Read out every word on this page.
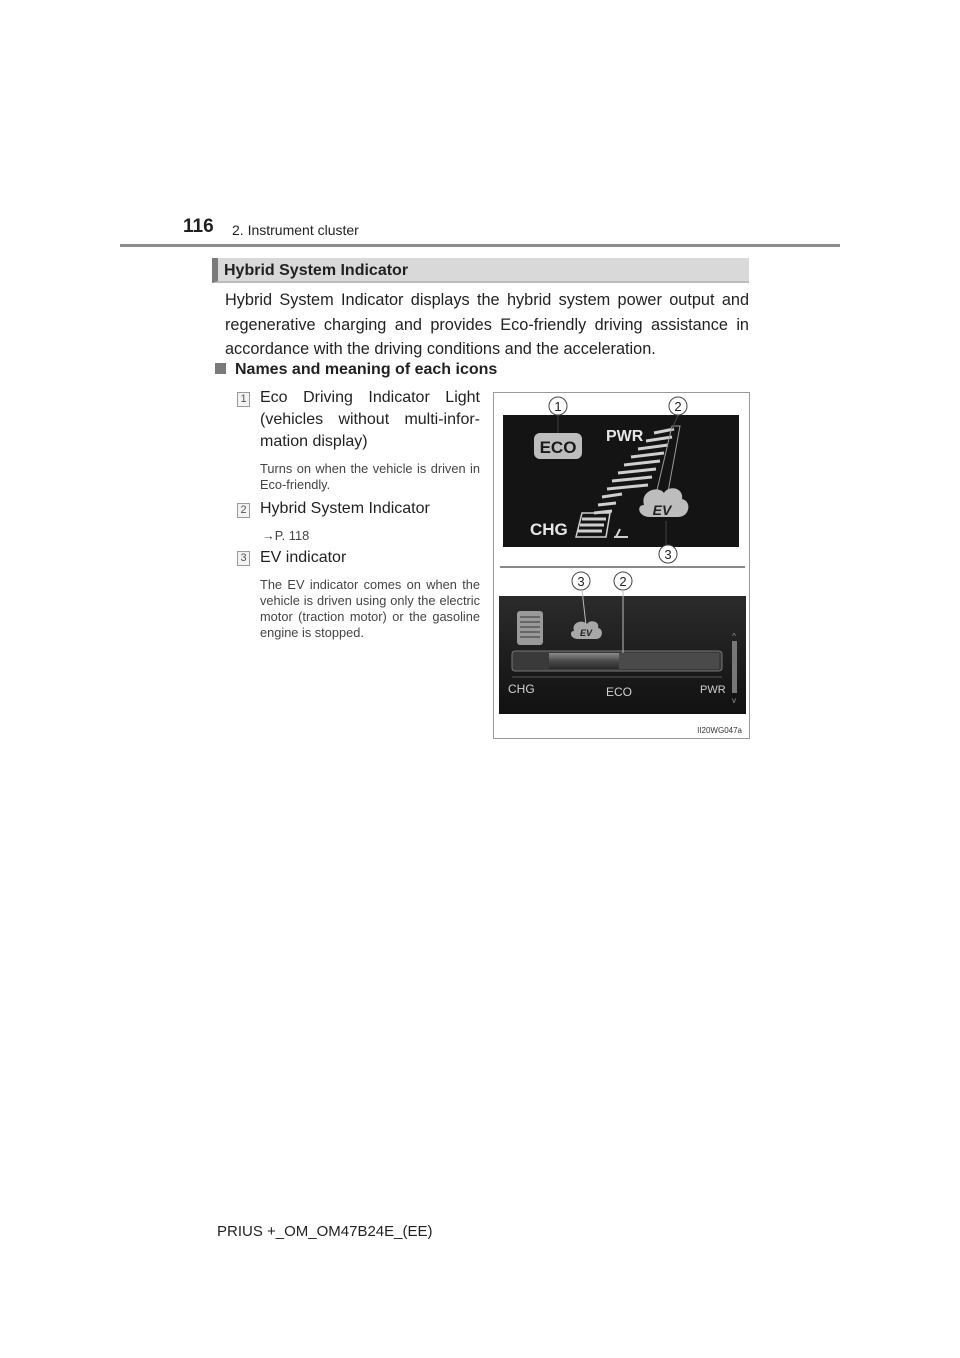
116 2. Instrument cluster
Hybrid System Indicator

Hybrid System Indicator displays the hybrid system power output and regenerative charging and provides Eco-friendly driving assistance in accordance with the driving conditions and the acceleration.

Names and meaning of each icons
1 Eco Driving Indicator Light (vehicles without multi-infor-mation display)
Turns on when the vehicle is driven in Eco-friendly.
2 Hybrid System Indicator
→P. 118
3 EV indicator
The EV indicator comes on when the vehicle is driven using only the electric motor (traction motor) or the gasoline engine is stopped.
ECO
PWR
EV
CHG
1	2
3
3	2
EV
CHG	ECO	PWR
^
v
II20WG047a
PRIUS +_OM_OM47B24E_(EE)
